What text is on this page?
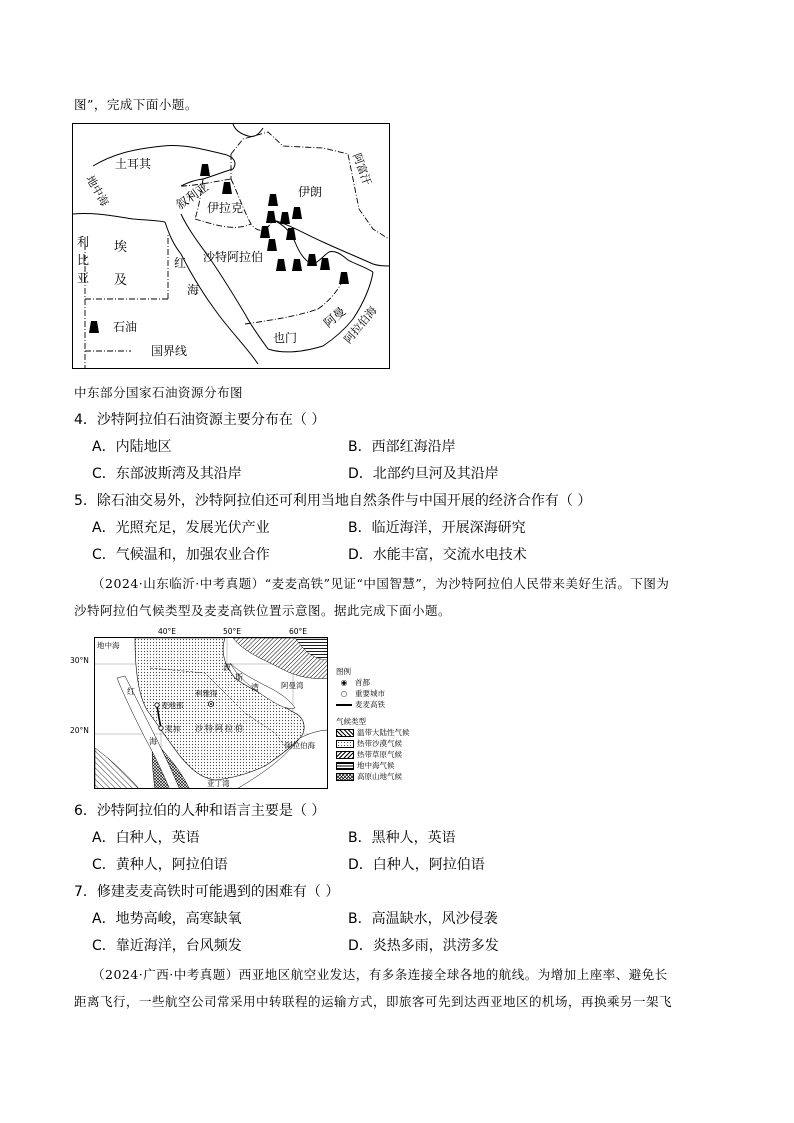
图”，完成下面小题。
土耳其
叙利亚
伊拉克
伊朗
阿富汗
地中海
利
比
亚
埃
及
沙特阿拉伯
红
海
也门
阿曼
阿拉伯海
石油
国界线
中东部分国家石油资源分布图
4．沙特阿拉伯石油资源主要分布在（ ）
A．内陆地区	B．西部红海沿岸
C．东部波斯湾及其沿岸	D．北部约旦河及其沿岸
5．除石油交易外，沙特阿拉伯还可利用当地自然条件与中国开展的经济合作有（ ）
A．光照充足，发展光伏产业	B．临近海洋，开展深海研究
C．气候温和，加强农业合作	D．水能丰富，交流水电技术
（2024·山东临沂·中考真题）“麦麦高铁”见证“中国智慧”，为沙特阿拉伯人民带来美好生活。下图为
沙特阿拉伯气候类型及麦麦高铁位置示意图。据此完成下面小题。
40°E	50°E	60°E
30°N
20°N
地中海
红
海
麦地那
利雅得
麦加 沙特阿拉伯
波
斯
湾	阿曼湾
阿拉伯海
亚丁湾
图例
◉	首都
○	重要城市
麦麦高铁
气候类型
温带大陆性气候
热带沙漠气候
热带草原气候
地中海气候
高原山地气候
6．沙特阿拉伯的人种和语言主要是（ ）
A．白种人，英语	B．黑种人，英语
C．黄种人，阿拉伯语	D．白种人，阿拉伯语
7．修建麦麦高铁时可能遇到的困难有（ ）
A．地势高峻，高寒缺氧	B．高温缺水，风沙侵袭
C．靠近海洋，台风频发	D．炎热多雨，洪涝多发
（2024·广西·中考真题）西亚地区航空业发达，有多条连接全球各地的航线。为增加上座率、避免长
距离飞行，一些航空公司常采用中转联程的运输方式，即旅客可先到达西亚地区的机场，再换乘另一架飞
